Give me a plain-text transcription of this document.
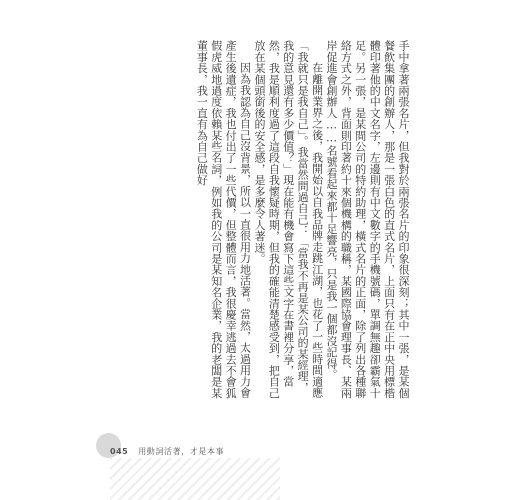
手中拿著兩張名片，但我對於兩張名片的印象很深刻；其中一張，是某個餐飲集團的創辦人，那是一張白色的直式名片，上面只有在正中央用標楷體印著他的中文名字，左邊則有中文數字的手機號碼，單調無趣卻霸氣十足。另一張，是某間公司的特約助理，橫式名片的正面，除了列出各種聯絡方式之外，背面則印著約十來個機構的職稱，某國際協會理事長、某兩岸促進會創辦人……名號看起來都十足響亮，只是我一個都沒記得。

在離開業界之後，我開始以自我品牌走跳江湖，也花了一些時間適應「我就只是我自己」。我當然問過自己：「當我不再是某公司的某經理，我的意見還有多少價值？」現在能有機會寫下這些文字在書裡分享，當然，我是順利度過了這段自我懷疑時期，但我的確能清楚感受到，把自己放在某個頭銜後的安全感，是多麼令人著迷。

因為我認為自己沒背景，所以一直很用力地活著。當然，太過用力會產生後遺症，我也付出了一些代價，但整體而言，我很慶幸逃過去不會狐假虎威地過度依賴某些名詞，例如我的公司是某知名企業，我的老闆是某董事長，我一直有為自己做好

045 用動詞活著，才是本事
